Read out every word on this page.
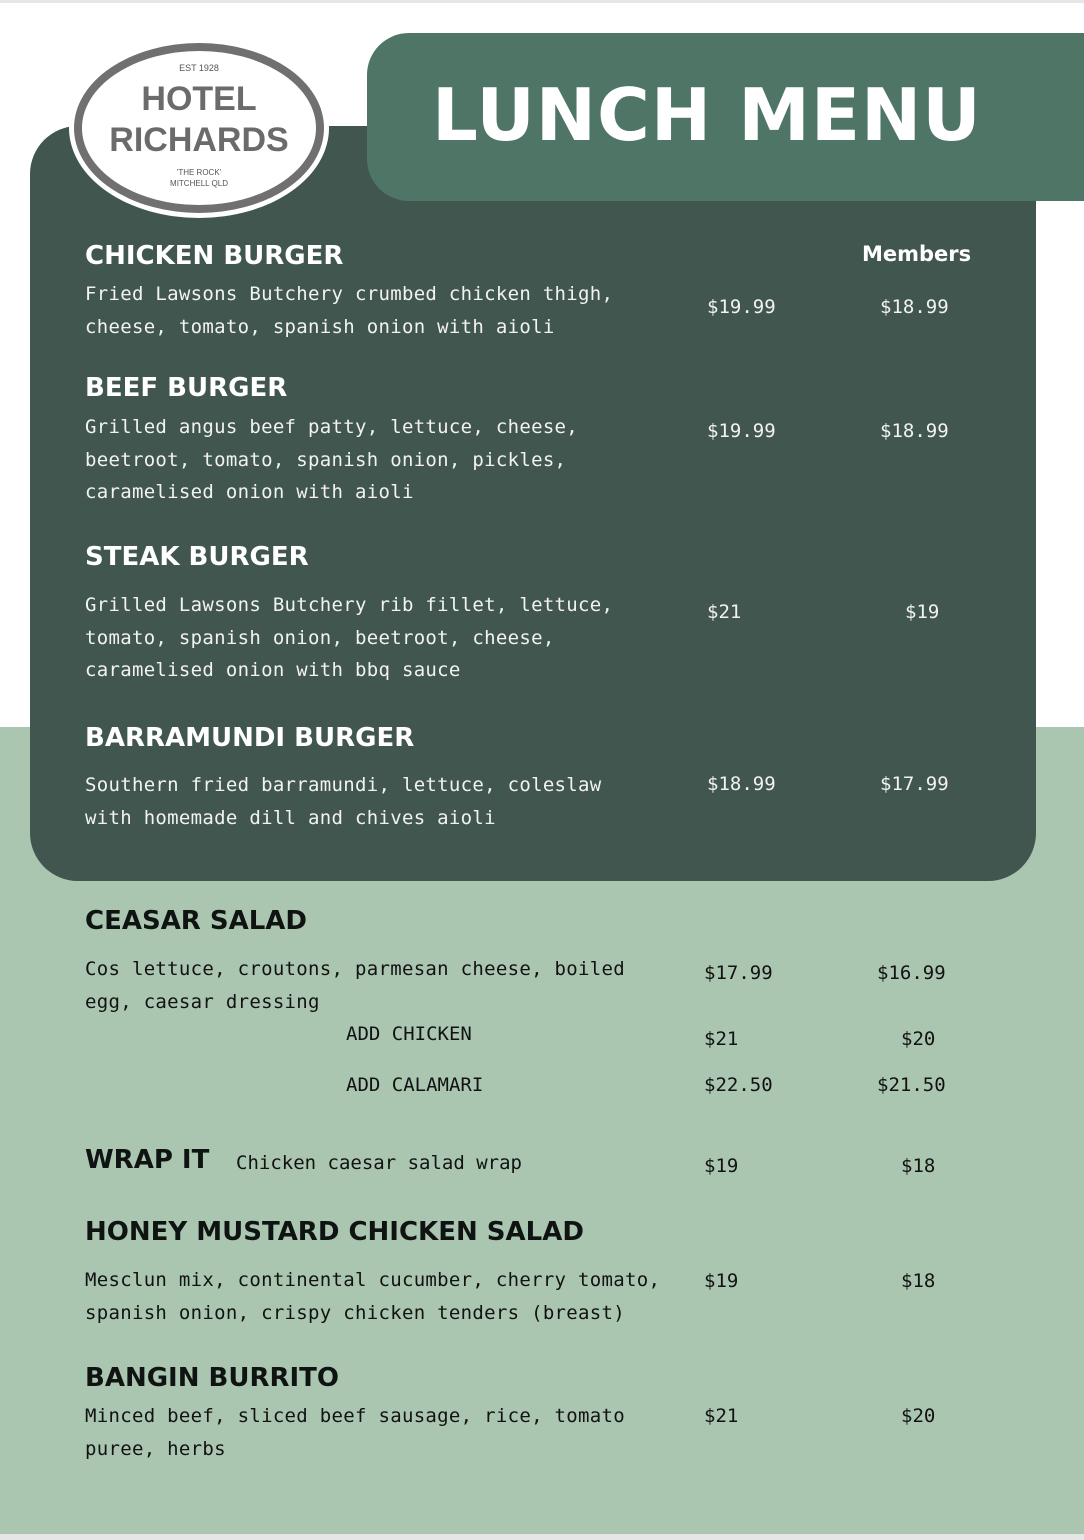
LUNCH MENU
EST 1928
HOTEL
RICHARDS
'THE ROCK'
MITCHELL QLD

Members

CHICKEN BURGER

Fried Lawsons Butchery crumbed chicken thigh,
cheese, tomato, spanish onion with aioli

$19.99	$18.99

BEEF BURGER

Grilled angus beef patty, lettuce, cheese,
beetroot, tomato, spanish onion, pickles,
caramelised onion with aioli

$19.99	$18.99

STEAK BURGER

Grilled Lawsons Butchery rib fillet, lettuce,
tomato, spanish onion, beetroot, cheese,
caramelised onion with bbq sauce

$21	$19

BARRAMUNDI BURGER

Southern fried barramundi, lettuce, coleslaw
with homemade dill and chives aioli

$18.99	$17.99

CEASAR SALAD

Cos lettuce, croutons, parmesan cheese, boiled
egg, caesar dressing

$17.99	$16.99

ADD CHICKEN	$21	$20

ADD CALAMARI	$22.50	$21.50

WRAP IT Chicken caesar salad wrap	$19	$18

HONEY MUSTARD CHICKEN SALAD

Mesclun mix, continental cucumber, cherry tomato,
spanish onion, crispy chicken tenders (breast)

$19	$18

BANGIN BURRITO

Minced beef, sliced beef sausage, rice, tomato
puree, herbs

$21	$20
